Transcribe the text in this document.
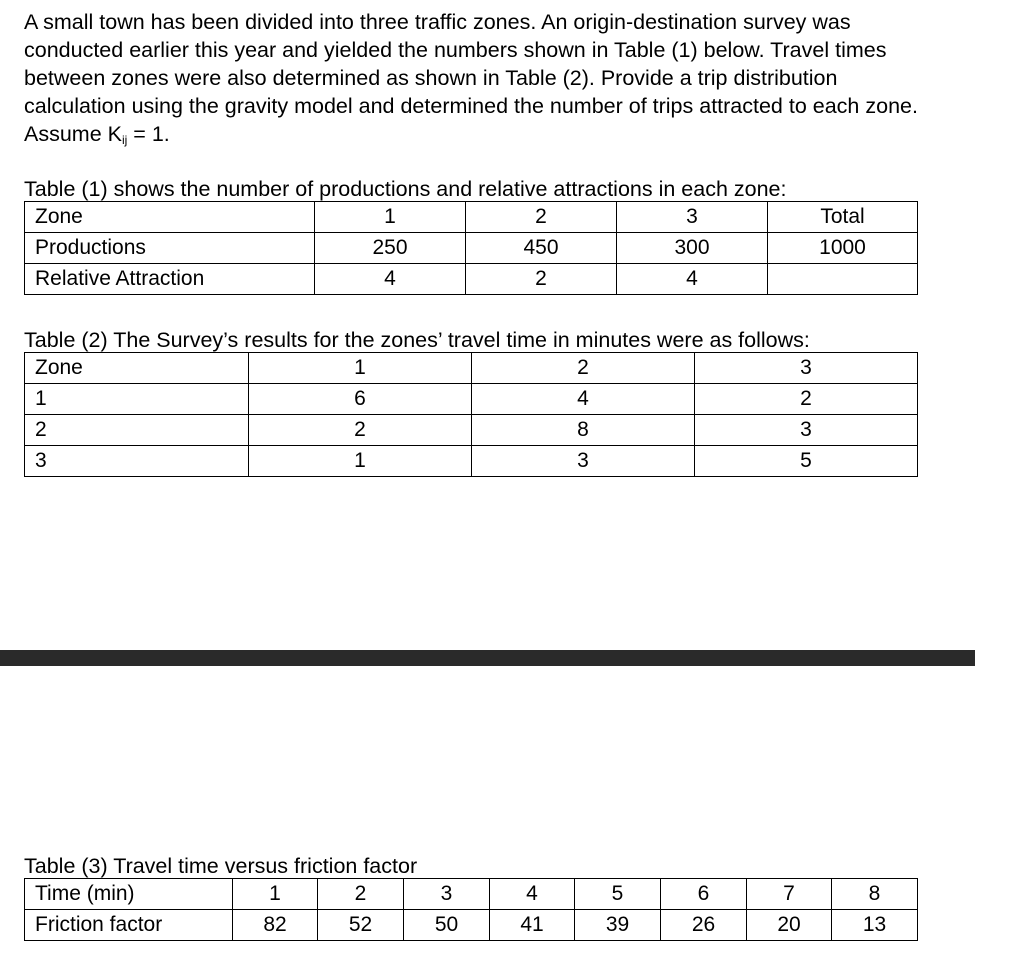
A small town has been divided into three traffic zones. An origin-destination survey was conducted earlier this year and yielded the numbers shown in Table (1) below. Travel times between zones were also determined as shown in Table (2). Provide a trip distribution calculation using the gravity model and determined the number of trips attracted to each zone. Assume $K_{ij} = 1$.

Table (1) shows the number of productions and relative attractions in each zone:
Zone	1	2	3	Total
Productions	250	450	300	1000
Relative Attraction	4	2	4	
Table (2) The Survey’s results for the zones’ travel time in minutes were as follows:
Zone	1	2	3
1	6	4	2
2	2	8	3
3	1	3	5
Table (3) Travel time versus friction factor
Time (min)	1	2	3	4	5	6	7	8
Friction factor	82	52	50	41	39	26	20	13
